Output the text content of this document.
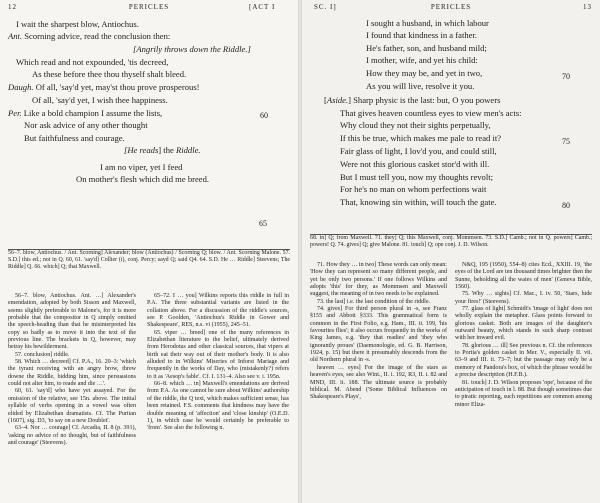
12	PERICLES	[ACT I
I wait the sharpest blow, Antiochus.
Ant. Scorning advice, read the conclusion then:
[Angrily throws down the Riddle.]
Which read and not expounded, 'tis decreed,
As these before thee thou thyself shalt bleed.
Daugh. Of all, 'say'd yet, may'st thou prove prosperous!
Of all, 'say'd yet, I wish thee happiness.
Per. Like a bold champion I assume the lists,
Nor ask advice of any other thought
But faithfulness and courage.
[He reads] the Riddle.
I am no viper, yet I feed
On mother's flesh which did me breed.
60
65
56–7. blow, Antiochus. / Ant. Scorning] Alexander; blow (Antiochus) / Scorning Q; blow. / Ant. Scorning Malone. 57. S.D.] this ed.; not in Q. 60, 61. 'say'd] Collier (i), conj. Percy; sayd Q; said Q4. 64. S.D. He … Riddle] Steevens; The Riddle] Q. 66. which] Q; that Maxwell.

56–7. blow, Antiochus. Ant. …] Alexander's emendation, adopted by both Sisson and Maxwell, seems slightly preferable to Malone's, for it is more probable that the compositor in Q simply omitted the speech-heading than that he misinterpreted his copy so badly as to move it into the text of the previous line. The brackets in Q, however, may betray his bewilderment.

57. conclusion] riddle.

58. Which … decreed] Cf. P.A., 16. 20–3: 'which the tyrant receiving with an angry brow, threw downe the Riddle, bidding him, since persuasions could not alter him, to reade and die …'.

60, 61. 'say'd] who have yet assayed. For the omission of the relative, see 15n. above. The initial syllable of verbs opening in a vowel was often elided by Elizabethan dramatists. Cf. The Puritan (1607), sig. D3, 'to say on a new Doublet'.

63–4. Nor … courage] Cf. Arcadia, II. 8 (p. 391), 'asking no advice of no thought, but of faithfulness and courage' (Steevens).

65–72. I … you] Wilkins reports this riddle in full in P.A. The three substantial variants are listed in the collation above. For a discussion of the riddle's sources, see P. Goolden, 'Antiochus's Riddle in Gower and Shakespeare', RES, n.s. vi (1955), 245–51.

65. viper … breed] one of the many references in Elizabethan literature to the belief, ultimately derived from Herodotus and other classical sources, that vipers at birth eat their way out of their mother's body. It is also alluded to in Wilkins' Miseries of Inforst Mariage and frequently in the works of Day, who (mistakenly?) refers to it as 'Aesop's fable'. Cf. I. 131–4. Also see v. i. 195n.

66–8. which … in] Maxwell's emendations are derived from P.A. As one cannot be sure about Wilkins' authorship of the riddle, the Q text, which makes sufficient sense, has been retained. F.S. comments that kindness may have the double meaning of 'affection' and 'close kinship' (O.E.D. 1), in which case he would certainly be preferable to 'from'. See also the following n.

SC. I]	PERICLES	13
I sought a husband, in which labour
I found that kindness in a father.
He's father, son, and husband mild;
I mother, wife, and yet his child:
How they may be, and yet in two,
As you will live, resolve it you.
[Aside.] Sharp physic is the last: but, O you powers
That gives heaven countless eyes to view men's acts:
Why cloud they not their sights perpetually,
If this be true, which makes me pale to read it?
Fair glass of light, I lov'd you, and could still,
Were not this glorious casket stor'd with ill.
But I must tell you, now my thoughts revolt;
For he's no man on whom perfections wait
That, knowing sin within, will touch the gate.
70
75
80
68. in] Q; from Maxwell. 71. they] Q; this Maxwell, conj. Mommsen. 73. S.D.] Camb.; not in Q. powers] Camb.; powers! Q. 74. gives] Q; give Malone. 81. touch] Q; ope conj. J. D. Wilson.

71. How they … in two] These words can only mean: 'How they can represent so many different people, and yet be only two persons.' If one follows Wilkins and adopts 'this' for they, as Mommsen and Maxwell suggest, the meaning of in two needs to be explained.

73. the last] i.e. the last condition of the riddle.

74. gives] For third person plural in -s, see Franz §155 and Abbott §333. This grammatical form is common in the First Folio, e.g. Ham., III. ii. 199, 'his favourites flies'; it also occurs frequently in the works of King James, e.g. 'they that readies' and 'they who ignorantly proues' (Daemonologie, ed. G. B. Harrison, 1924, p. 15) but there it presumably descends from the old Northern plural in -s.

heaven … eyes] For the image of the stars as heaven's eyes, see also Wint., II. i. 192, R3, II. i. 82 and MND, III. ii. 188. The ultimate source is probably biblical. M. Abend ('Some Biblical Influences on Shakespeare's Plays',

N&Q, 195 (1950), 554–8) cites Ecd., XXIII. 19, 'the eyes of the Lord are ten thousand times brighter then the Sunne, beholding all the waies of men' (Geneva Bible, 1560).

75. Why … sights] Cf. Mac., I. iv. 50, 'Stars, hide your fires!' (Steevens).

77. glass of light] Schmidt's 'image of light' does not wholly explain the metaphor. Glass points forward to glorious casket. Both are images of the daughter's outward beauty, which stands in such sharp contrast with her inward evil.

78. glorious … ill] See previous n. Cf. the references to Portia's golden casket in Mer. V., especially II. vii. 63–9 and III. ii. 73–7; but the passage may only be a memory of Pandora's box, of which the phrase would be a precise description (H.F.B.).

81. touch] J. D. Wilson proposes 'ope', because of the anticipation of touch in l. 88. But though sometimes due to piratic reporting, such repetitions are common among minor Eliza-
